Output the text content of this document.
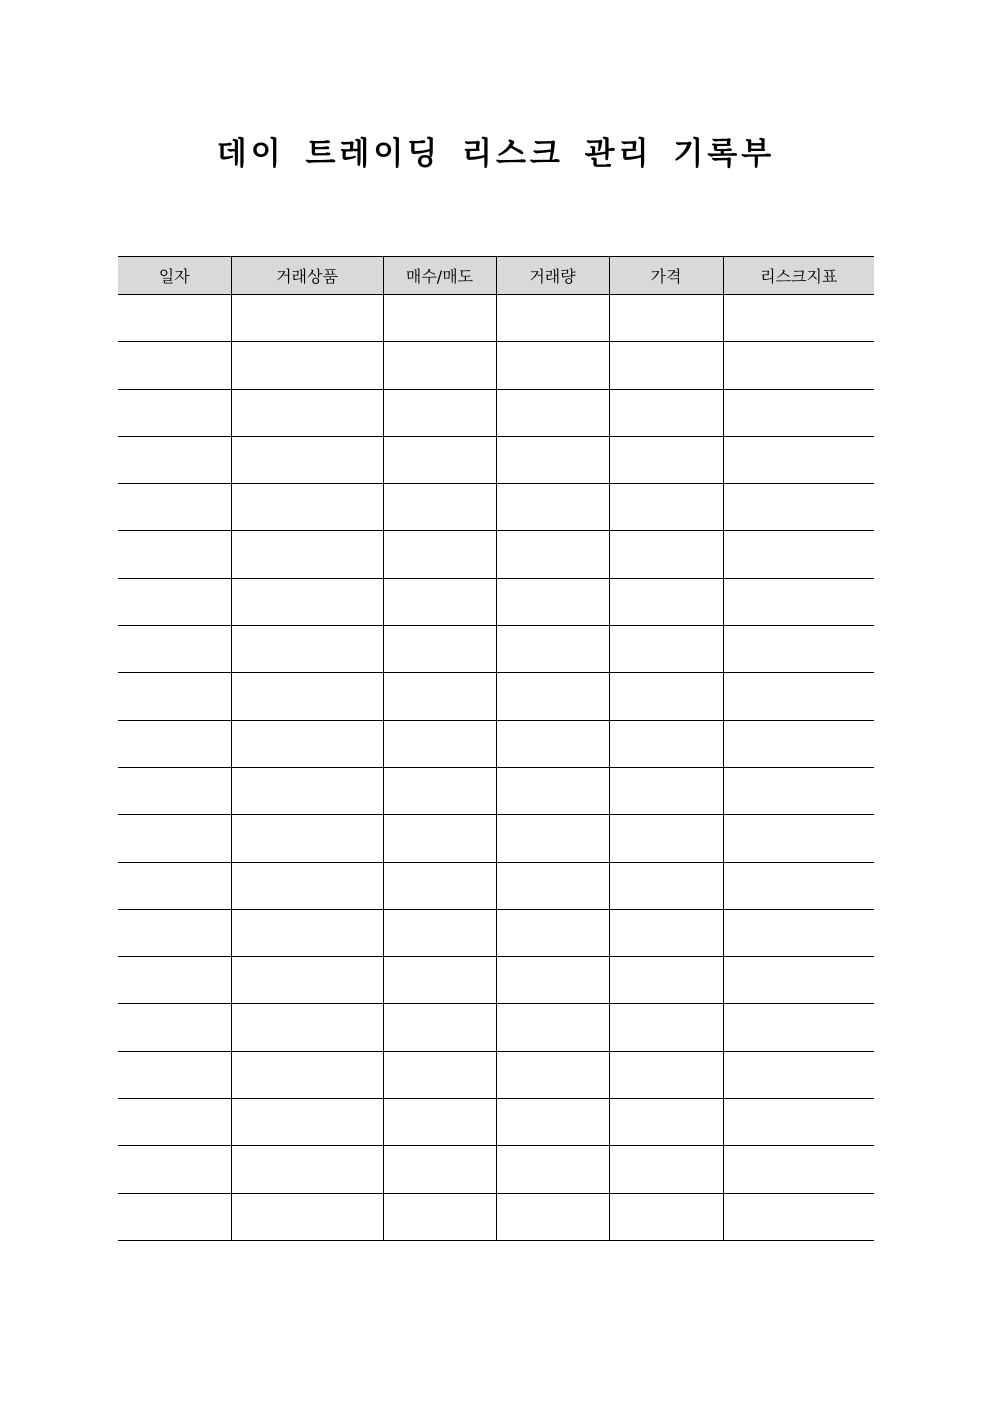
데이 트레이딩 리스크 관리 기록부
일자	거래상품	매수/매도	거래량	가격	리스크지표
